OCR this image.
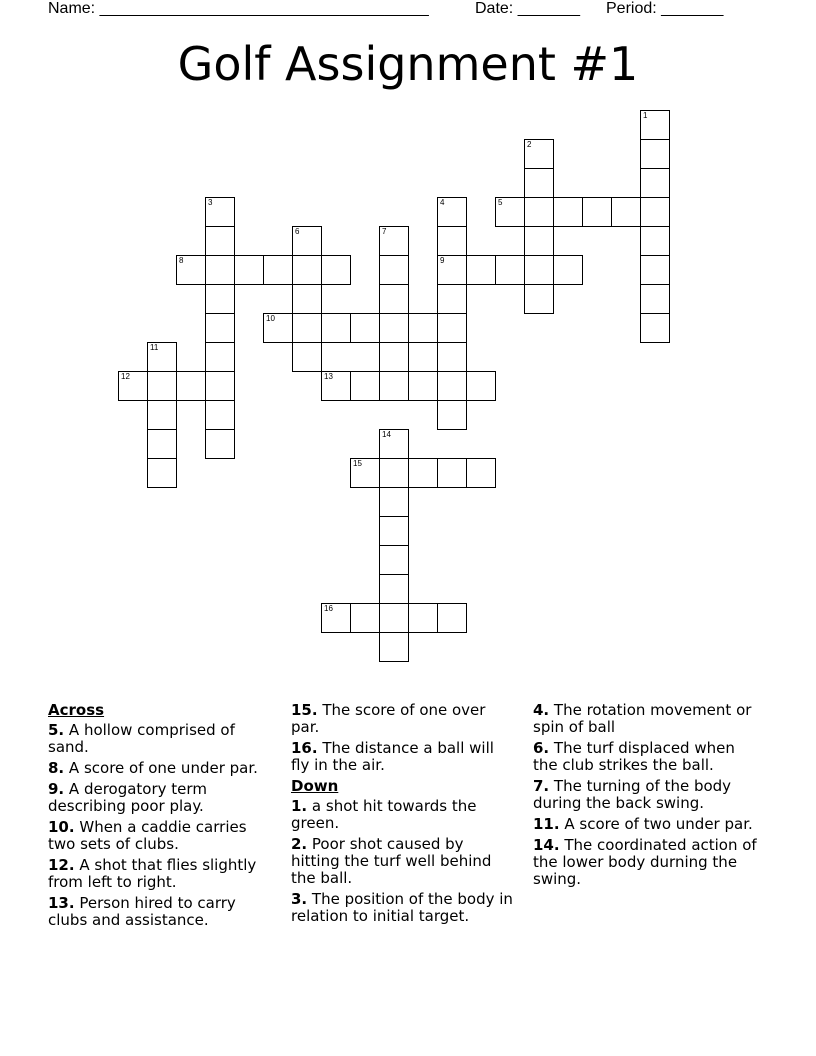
Name: _____________________________________	Date: _______ Period: _______
Golf Assignment #1
1
2
3	4
9
5
6	7
8
10
11
12	13
14
15
16
Across
5. A hollow comprised of sand.
8. A score of one under par.
9. A derogatory term describing poor play.
10. When a caddie carries two sets of clubs.
12. A shot that flies slightly from left to right.
13. Person hired to carry clubs and assistance.
15. The score of one over par.
16. The distance a ball will fly in the air.
Down
1. a shot hit towards the green.
2. Poor shot caused by hitting the turf well behind the ball.
3. The position of the body in relation to initial target.
4. The rotation movement or spin of ball
6. The turf displaced when the club strikes the ball.
7. The turning of the body during the back swing.
11. A score of two under par.
14. The coordinated action of the lower body durning the swing.
